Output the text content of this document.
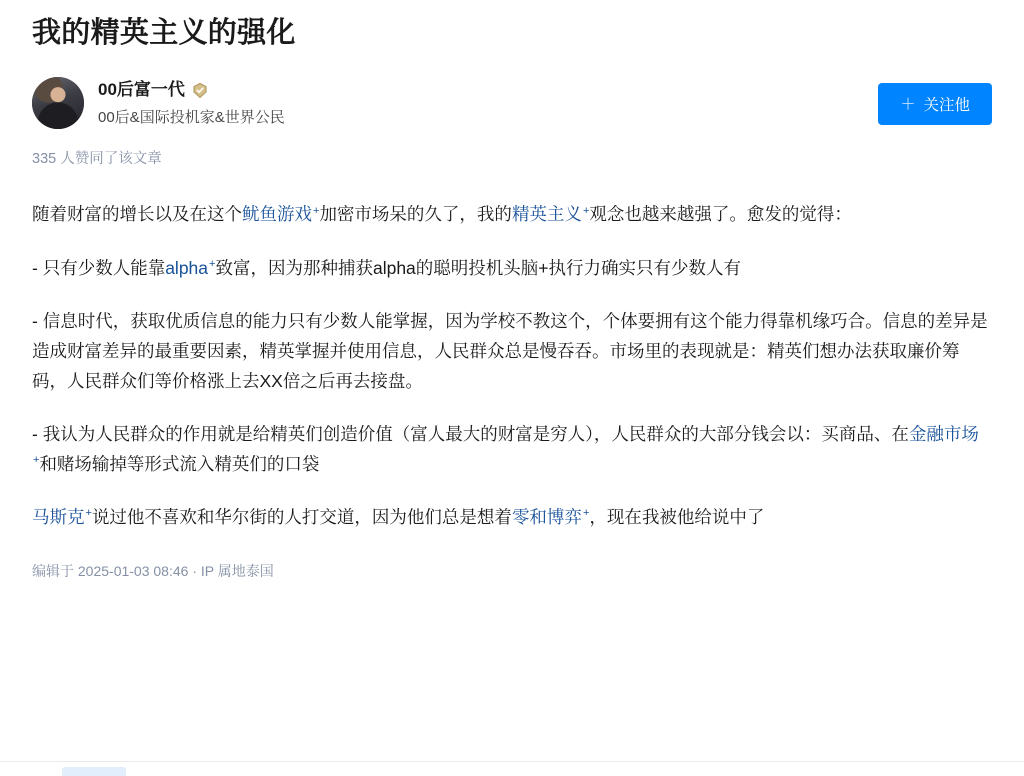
我的精英主义的强化
00后富一代
00后&国际投机家&世界公民
＋ 关注他
335 人赞同了该文章

随着财富的增长以及在这个鱿鱼游戏+加密市场呆的久了，我的精英主义+观念也越来越强了。愈发的觉得：

- 只有少数人能靠alpha+致富，因为那种捕获alpha的聪明投机头脑+执行力确实只有少数人有

- 信息时代，获取优质信息的能力只有少数人能掌握，因为学校不教这个，个体要拥有这个能力得靠机缘巧合。信息的差异是造成财富差异的最重要因素，精英掌握并使用信息，人民群众总是慢吞吞。市场里的表现就是：精英们想办法获取廉价筹码，人民群众们等价格涨上去XX倍之后再去接盘。

- 我认为人民群众的作用就是给精英们创造价值（富人最大的财富是穷人），人民群众的大部分钱会以：买商品、在金融市场+和赌场输掉等形式流入精英们的口袋

马斯克+说过他不喜欢和华尔街的人打交道，因为他们总是想着零和博弈+，现在我被他给说中了

编辑于 2025-01-03 08:46 · IP 属地泰国
